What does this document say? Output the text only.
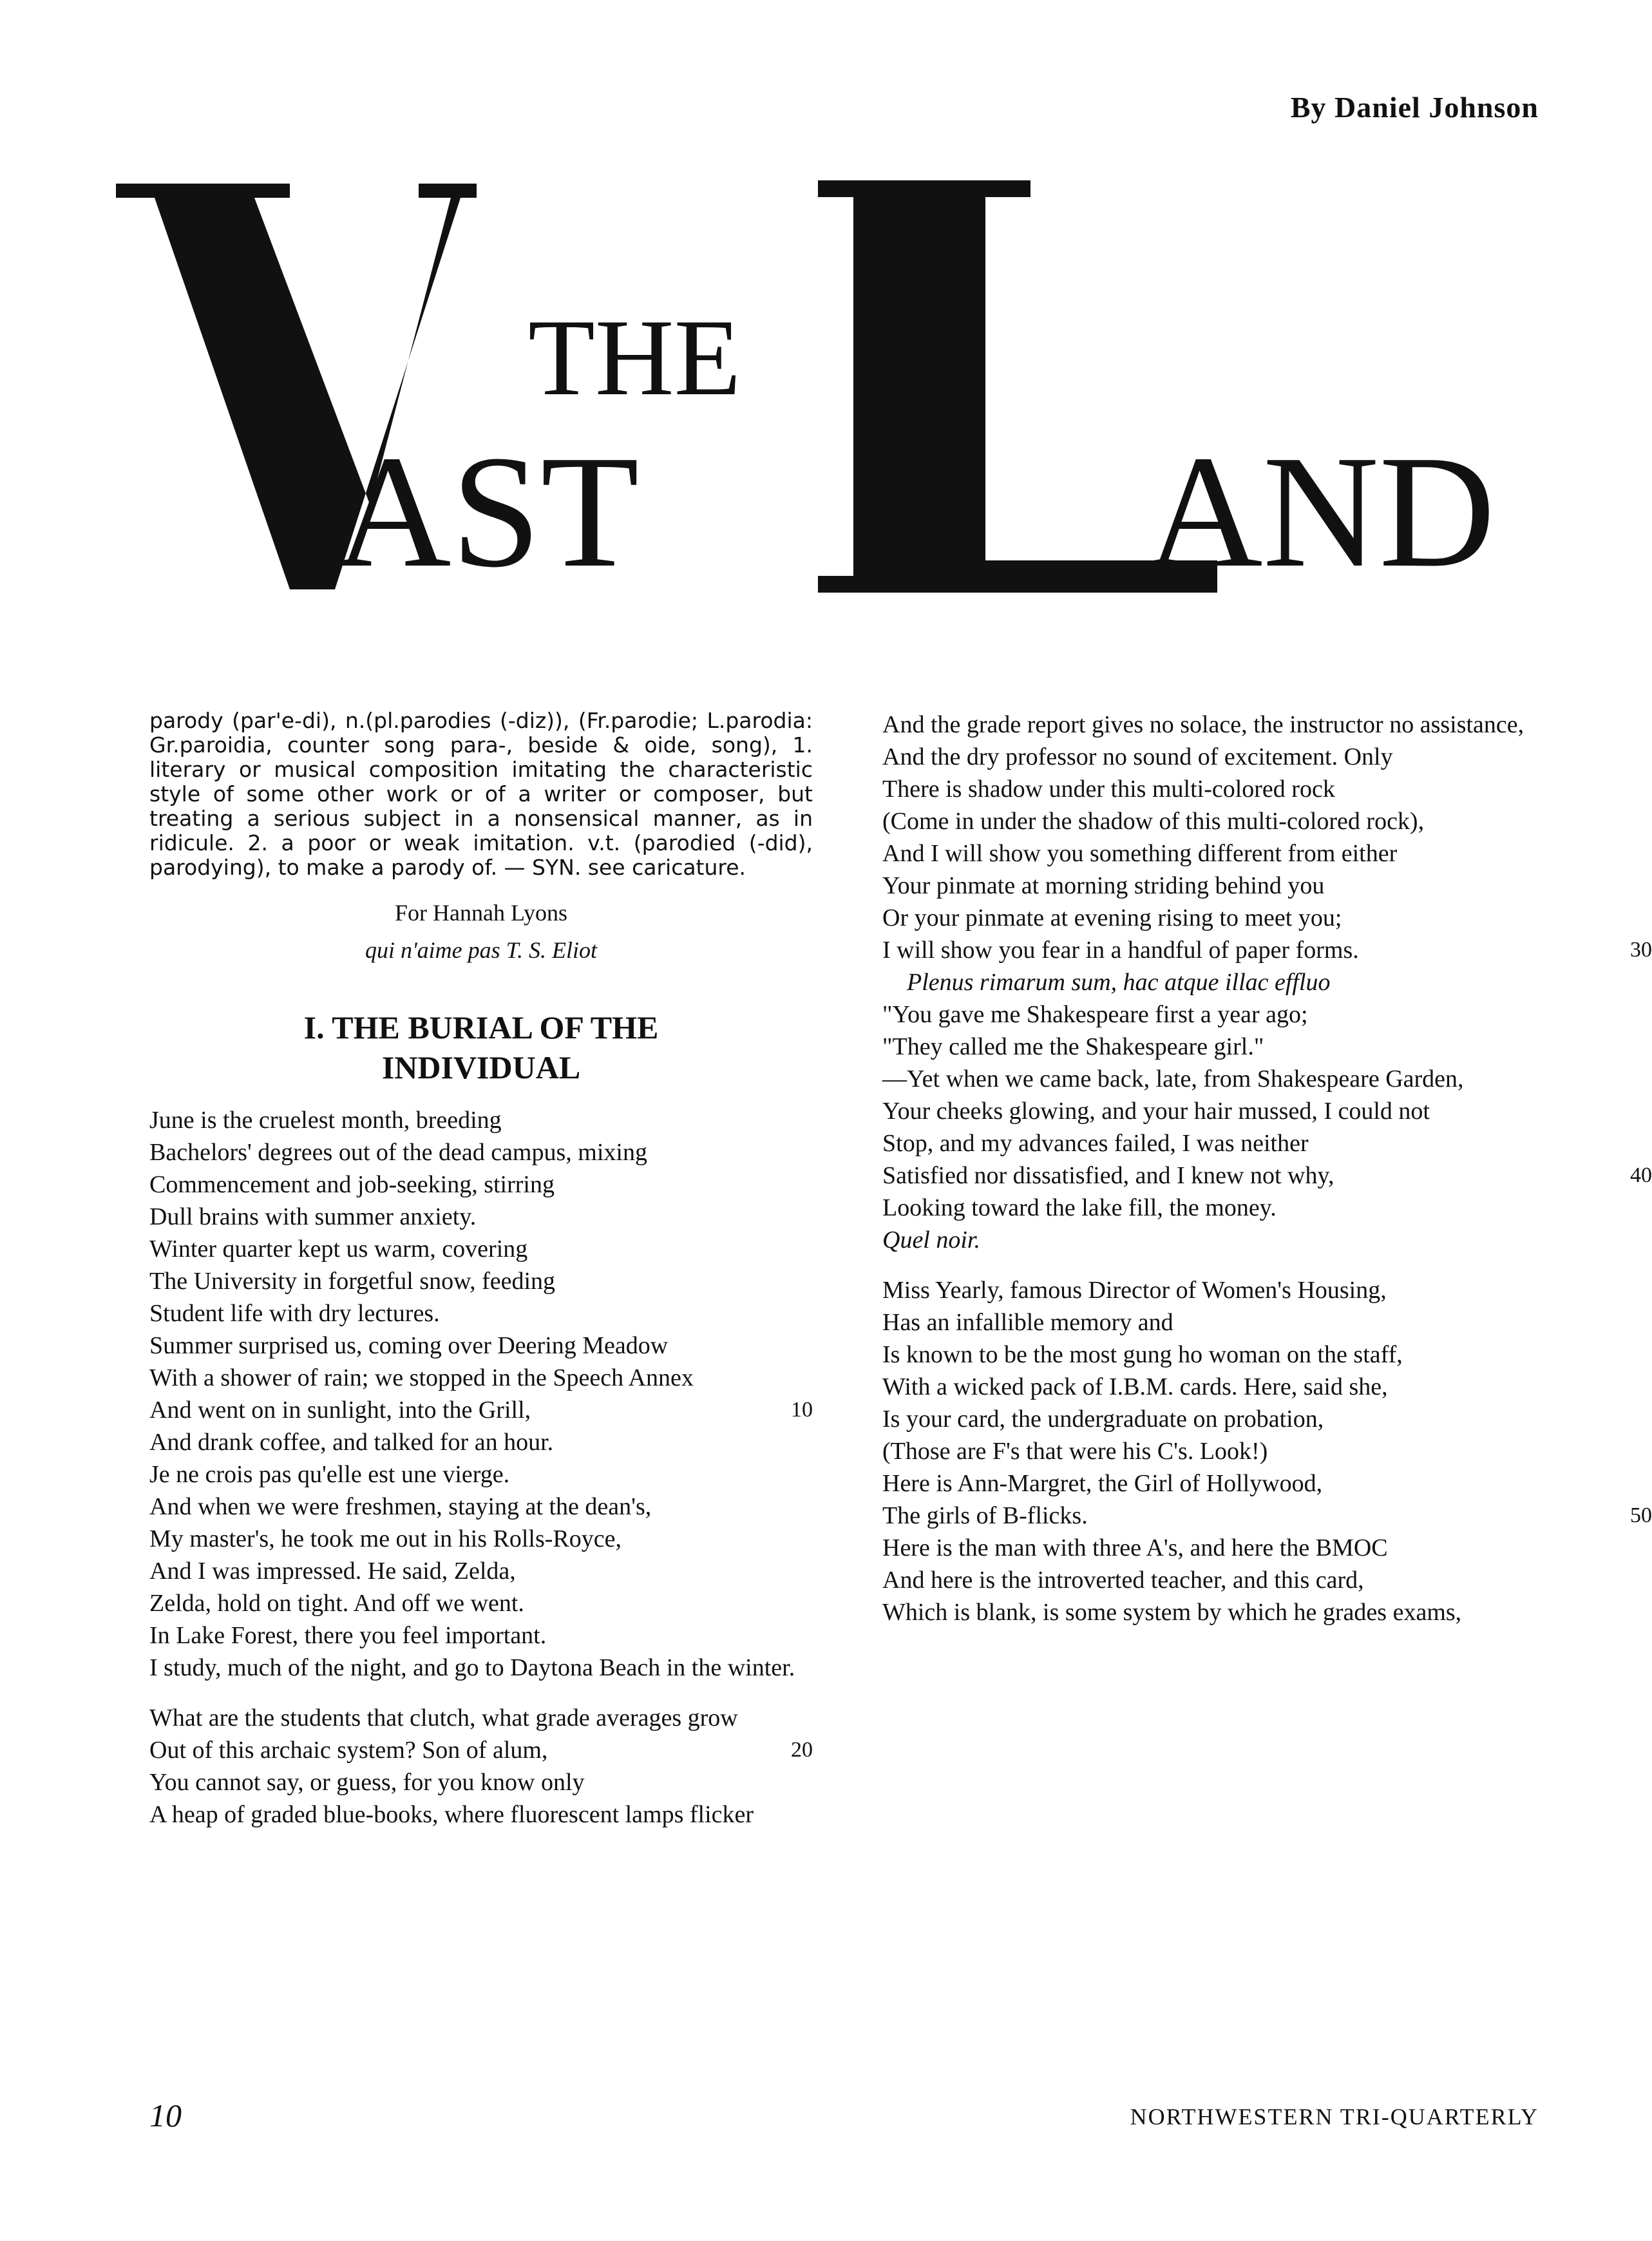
By Daniel Johnson
THE
AST	AND
parody (par'e-di), n.(pl.parodies (-diz)), (Fr.parodie; L.parodia: Gr.paroidia, counter song para-, beside & oide, song), 1. literary or musical composition imitating the characteristic style of some other work or of a writer or composer, but treating a serious subject in a nonsensical manner, as in ridicule. 2. a poor or weak imitation. v.t. (parodied (-did), parodying), to make a parody of. — SYN. see caricature.
For Hannah Lyons
qui n'aime pas T. S. Eliot
I. THE BURIAL OF THE
INDIVIDUAL
June is the cruelest month, breeding
Bachelors' degrees out of the dead campus, mixing
Commencement and job-seeking, stirring
Dull brains with summer anxiety.
Winter quarter kept us warm, covering
The University in forgetful snow, feeding
Student life with dry lectures.
Summer surprised us, coming over Deering Meadow
With a shower of rain; we stopped in the Speech Annex
And went on in sunlight, into the Grill,	10
And drank coffee, and talked for an hour.
Je ne crois pas qu'elle est une vierge.
And when we were freshmen, staying at the dean's,
My master's, he took me out in his Rolls-Royce,
And I was impressed. He said, Zelda,
Zelda, hold on tight. And off we went.
In Lake Forest, there you feel important.
I study, much of the night, and go to Daytona Beach in the winter.
What are the students that clutch, what grade averages grow
Out of this archaic system? Son of alum,	20
You cannot say, or guess, for you know only
A heap of graded blue-books, where fluorescent lamps flicker
And the grade report gives no solace, the instructor no assistance,
And the dry professor no sound of excitement. Only
There is shadow under this multi-colored rock
(Come in under the shadow of this multi-colored rock),
And I will show you something different from either
Your pinmate at morning striding behind you
Or your pinmate at evening rising to meet you;
I will show you fear in a handful of paper forms.	30
Plenus rimarum sum, hac atque illac effluo
"You gave me Shakespeare first a year ago;
"They called me the Shakespeare girl."
—Yet when we came back, late, from Shakespeare Garden,
Your cheeks glowing, and your hair mussed, I could not
Stop, and my advances failed, I was neither
Satisfied nor dissatisfied, and I knew not why,	40
Looking toward the lake fill, the money.
Quel noir.
Miss Yearly, famous Director of Women's Housing,
Has an infallible memory and
Is known to be the most gung ho woman on the staff,
With a wicked pack of I.B.M. cards. Here, said she,
Is your card, the undergraduate on probation,
(Those are F's that were his C's. Look!)
Here is Ann-Margret, the Girl of Hollywood,
The girls of B-flicks.	50
Here is the man with three A's, and here the BMOC
And here is the introverted teacher, and this card,
Which is blank, is some system by which he grades exams,
10	NORTHWESTERN TRI-QUARTERLY
